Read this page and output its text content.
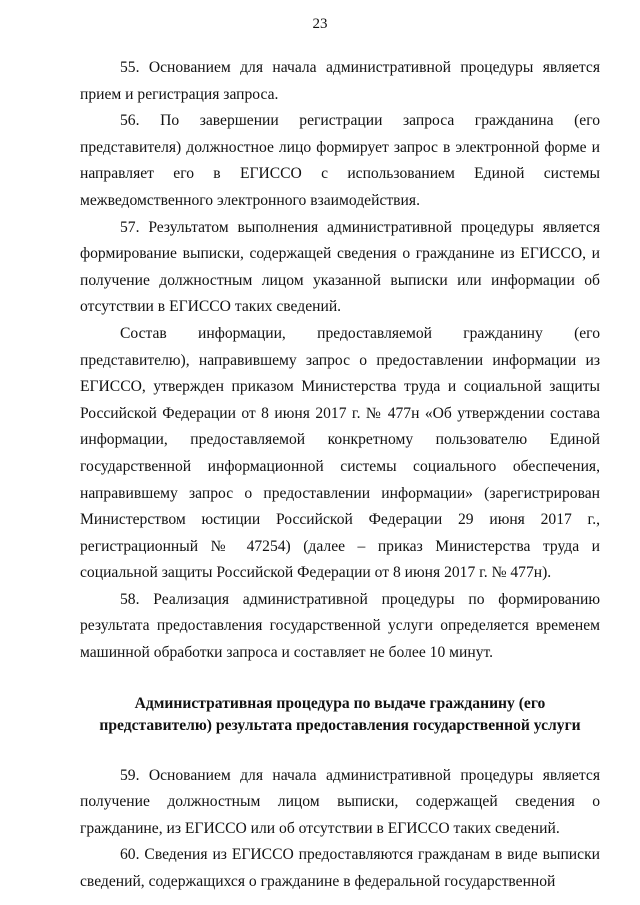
23

55. Основанием для начала административной процедуры является прием и регистрация запроса.

56. По завершении регистрации запроса гражданина (его представителя) должностное лицо формирует запрос в электронной форме и направляет его в ЕГИССО с использованием Единой системы межведомственного электронного взаимодействия.

57. Результатом выполнения административной процедуры является формирование выписки, содержащей сведения о гражданине из ЕГИССО, и получение должностным лицом указанной выписки или информации об отсутствии в ЕГИССО таких сведений.

Состав информации, предоставляемой гражданину (его представителю), направившему запрос о предоставлении информации из ЕГИССО, утвержден приказом Министерства труда и социальной защиты Российской Федерации от 8 июня 2017 г. № 477н «Об утверждении состава информации, предоставляемой конкретному пользователю Единой государственной информационной системы социального обеспечения, направившему запрос о предоставлении информации» (зарегистрирован Министерством юстиции Российской Федерации 29 июня 2017 г., регистрационный № 47254) (далее – приказ Министерства труда и социальной защиты Российской Федерации от 8 июня 2017 г. № 477н).

58. Реализация административной процедуры по формированию результата предоставления государственной услуги определяется временем машинной обработки запроса и составляет не более 10 минут.

Административная процедура по выдаче гражданину (его представителю) результата предоставления государственной услуги

59. Основанием для начала административной процедуры является получение должностным лицом выписки, содержащей сведения о гражданине, из ЕГИССО или об отсутствии в ЕГИССО таких сведений.

60. Сведения из ЕГИССО предоставляются гражданам в виде выписки сведений, содержащихся о гражданине в федеральной государственной
